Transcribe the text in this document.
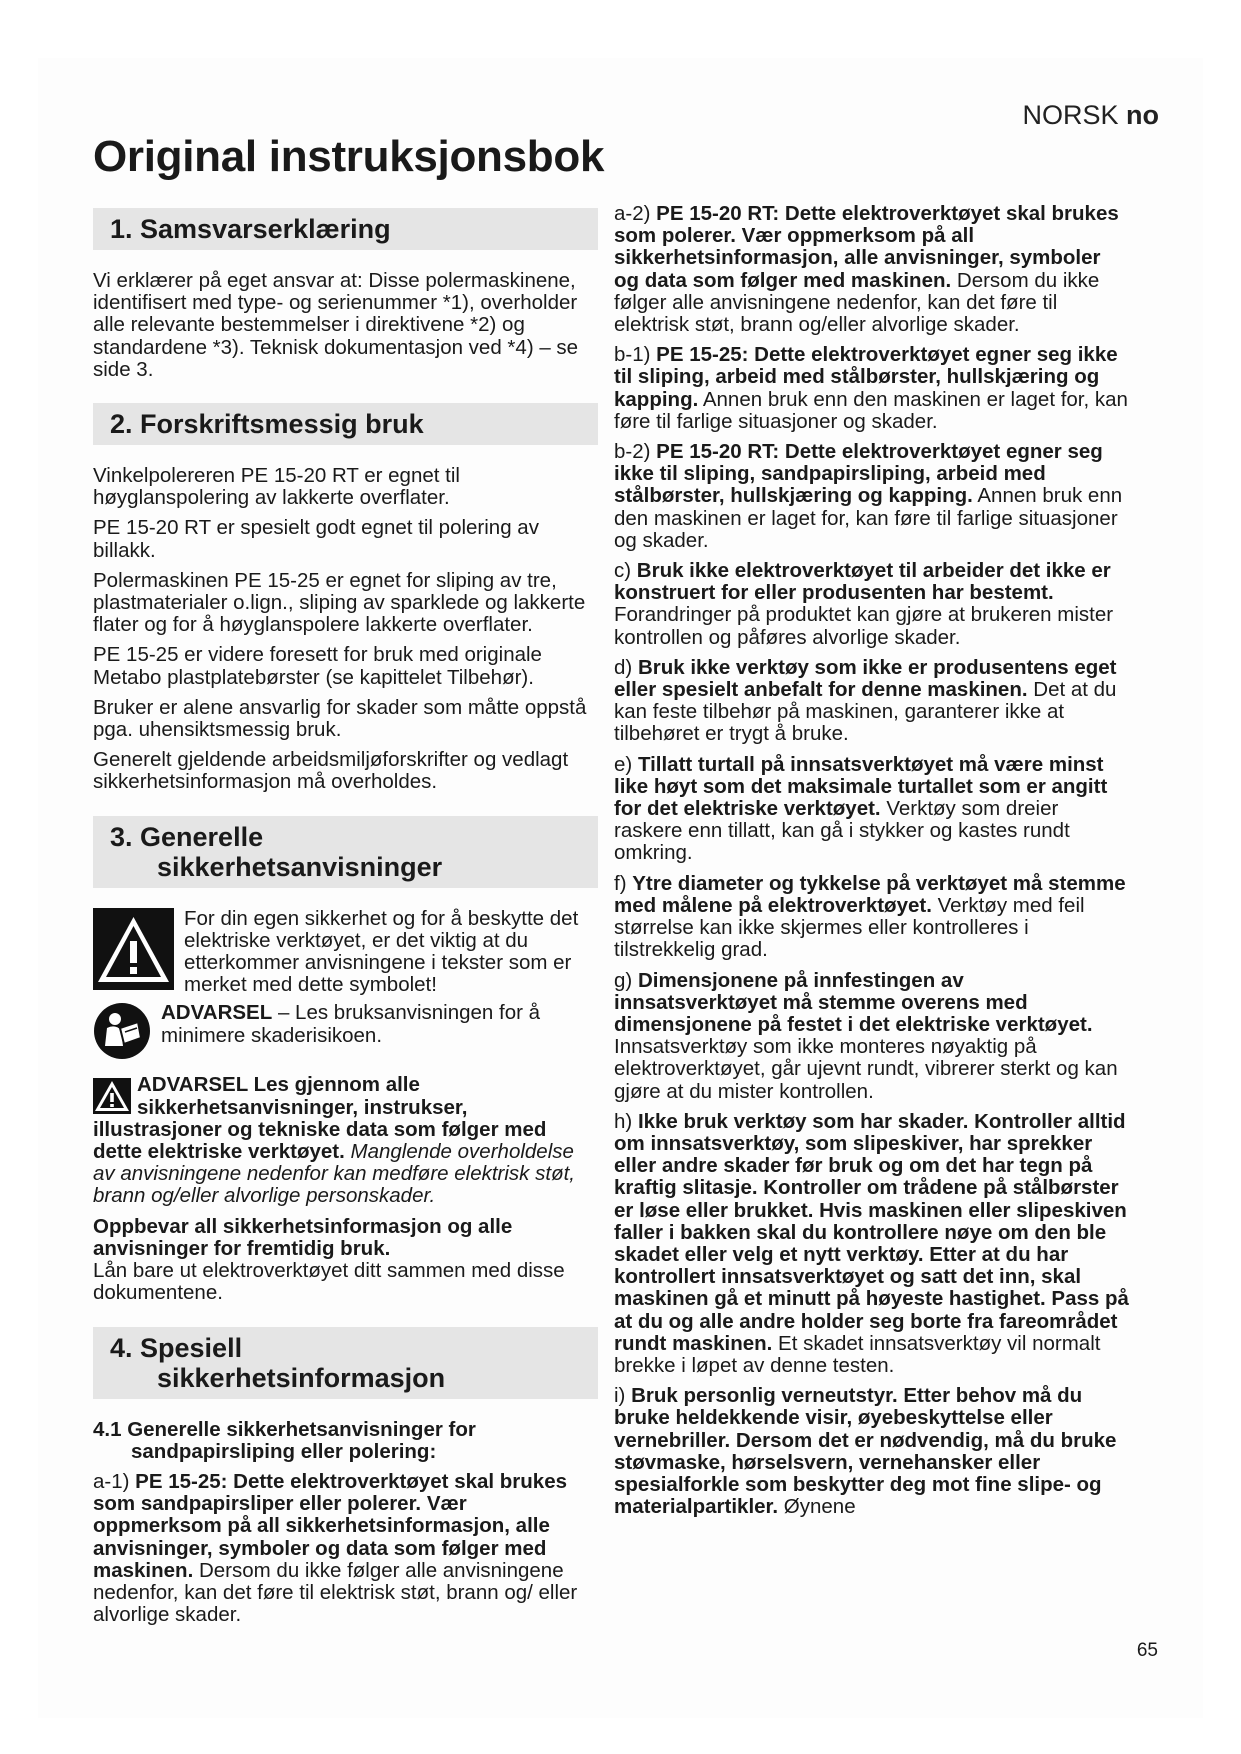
NORSK no
Original instruksjonsbok
1. Samsvarserklæring

Vi erklærer på eget ansvar at: Disse polermaskinene, identifisert med type- og serienummer *1), overholder alle relevante bestemmelser i direktivene *2) og standardene *3). Teknisk dokumentasjon ved *4) – se side 3.

2. Forskriftsmessig bruk

Vinkelpolereren PE 15-20 RT er egnet til høyglanspolering av lakkerte overflater.

PE 15-20 RT er spesielt godt egnet til polering av billakk.

Polermaskinen PE 15-25 er egnet for sliping av tre, plastmaterialer o.lign., sliping av sparklede og lakkerte flater og for å høyglanspolere lakkerte overflater.

PE 15-25 er videre foresett for bruk med originale Metabo plastplatebørster (se kapittelet Tilbehør).

Bruker er alene ansvarlig for skader som måtte oppstå pga. uhensiktsmessig bruk.

Generelt gjeldende arbeidsmiljøforskrifter og vedlagt sikkerhetsinformasjon må overholdes.

3. Generelle
sikkerhetsanvisninger

For din egen sikkerhet og for å beskytte det elektriske verktøyet, er det viktig at du etterkommer anvisningene i tekster som er merket med dette symbolet!

ADVARSEL – Les bruksanvisningen for å minimere skaderisikoen.

ADVARSEL Les gjennom alle sikkerhetsanvisninger, instrukser, illustrasjoner og tekniske data som følger med dette elektriske verktøyet. Manglende overholdelse av anvisningene nedenfor kan medføre elektrisk støt, brann og/eller alvorlige personskader.

Oppbevar all sikkerhetsinformasjon og alle anvisninger for fremtidig bruk.
Lån bare ut elektroverktøyet ditt sammen med disse dokumentene.

4. Spesiell
sikkerhetsinformasjon
4.1 Generelle sikkerhetsanvisninger for
sandpapirsliping eller polering:

a-1) PE 15-25: Dette elektroverktøyet skal brukes som sandpapirsliper eller polerer. Vær oppmerksom på all sikkerhetsinformasjon, alle anvisninger, symboler og data som følger med maskinen. Dersom du ikke følger alle anvisningene nedenfor, kan det føre til elektrisk støt, brann og/ eller alvorlige skader.

a-2) PE 15-20 RT: Dette elektroverktøyet skal brukes som polerer. Vær oppmerksom på all sikkerhetsinformasjon, alle anvisninger, symboler og data som følger med maskinen. Dersom du ikke følger alle anvisningene nedenfor, kan det føre til elektrisk støt, brann og/eller alvorlige skader.

b-1) PE 15-25: Dette elektroverktøyet egner seg ikke til sliping, arbeid med stålbørster, hullskjæring og kapping. Annen bruk enn den maskinen er laget for, kan føre til farlige situasjoner og skader.

b-2) PE 15-20 RT: Dette elektroverktøyet egner seg ikke til sliping, sandpapirsliping, arbeid med stålbørster, hullskjæring og kapping. Annen bruk enn den maskinen er laget for, kan føre til farlige situasjoner og skader.

c) Bruk ikke elektroverktøyet til arbeider det ikke er konstruert for eller produsenten har bestemt. Forandringer på produktet kan gjøre at brukeren mister kontrollen og påføres alvorlige skader.

d) Bruk ikke verktøy som ikke er produsentens eget eller spesielt anbefalt for denne maskinen. Det at du kan feste tilbehør på maskinen, garanterer ikke at tilbehøret er trygt å bruke.

e) Tillatt turtall på innsatsverktøyet må være minst like høyt som det maksimale turtallet som er angitt for det elektriske verktøyet. Verktøy som dreier raskere enn tillatt, kan gå i stykker og kastes rundt omkring.

f) Ytre diameter og tykkelse på verktøyet må stemme med målene på elektroverktøyet. Verktøy med feil størrelse kan ikke skjermes eller kontrolleres i tilstrekkelig grad.

g) Dimensjonene på innfestingen av innsatsverktøyet må stemme overens med dimensjonene på festet i det elektriske verktøyet. Innsatsverktøy som ikke monteres nøyaktig på elektroverktøyet, går ujevnt rundt, vibrerer sterkt og kan gjøre at du mister kontrollen.

h) Ikke bruk verktøy som har skader. Kontroller alltid om innsatsverktøy, som slipeskiver, har sprekker eller andre skader før bruk og om det har tegn på kraftig slitasje. Kontroller om trådene på stålbørster er løse eller brukket. Hvis maskinen eller slipeskiven faller i bakken skal du kontrollere nøye om den ble skadet eller velg et nytt verktøy. Etter at du har kontrollert innsatsverktøyet og satt det inn, skal maskinen gå et minutt på høyeste hastighet. Pass på at du og alle andre holder seg borte fra fareområdet rundt maskinen. Et skadet innsatsverktøy vil normalt brekke i løpet av denne testen.

i) Bruk personlig verneutstyr. Etter behov må du bruke heldekkende visir, øyebeskyttelse eller vernebriller. Dersom det er nødvendig, må du bruke støvmaske, hørselsvern, vernehansker eller spesialforkle som beskytter deg mot fine slipe- og materialpartikler. Øynene

65
